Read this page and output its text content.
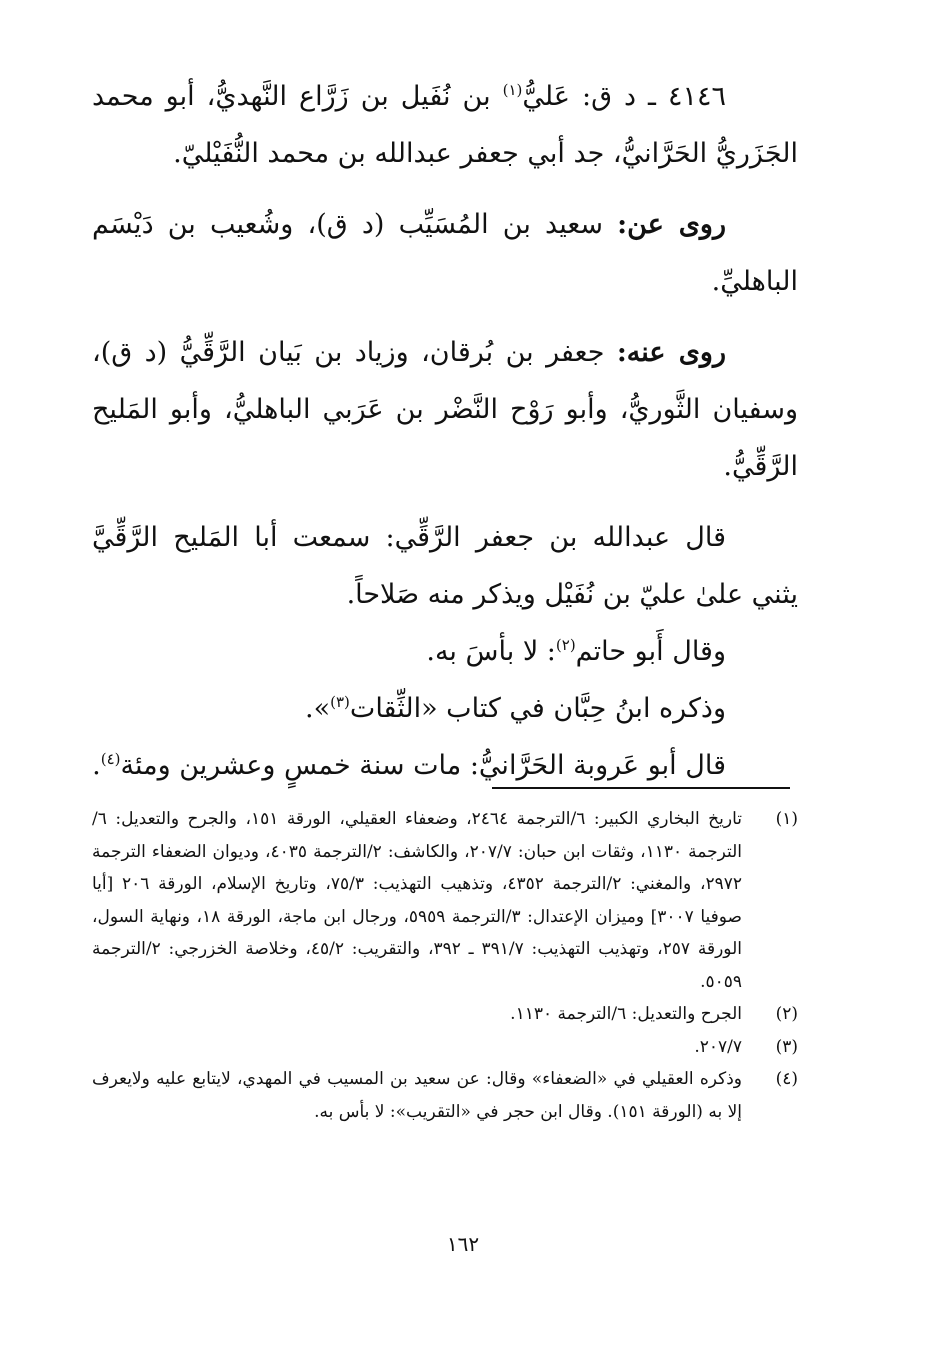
٤١٤٦ ـ د ق: عَليُّ$^{(١)}$ بن نُفَيل بن زَرَّاع النَّهديُّ، أبو محمد الجَزَريُّ الحَرَّانيُّ، جد أبي جعفر عبدالله بن محمد النُّفَيْليّ.

روى عن: سعيد بن المُسَيِّب (د ق)، وشُعيب بن دَيْسَم الباهليِّ.

روى عنه: جعفر بن بُرقان، وزياد بن بَيان الرَّقِّيُّ (د ق)، وسفيان الثَّوريُّ، وأبو رَوْح النَّضْر بن عَرَبي الباهليُّ، وأبو المَليح الرَّقِّيُّ.

قال عبدالله بن جعفر الرَّقِّي: سمعت أبا المَليح الرَّقِّيَّ يثني علىٰ عليّ بن نُفَيْل ويذكر منه صَلاحاً.

وقال أَبو حاتم$^{(٢)}$: لا بأسَ به.

وذكره ابنُ حِبَّان في كتاب «الثِّقات$^{(٣)}$».

قال أبو عَروبة الحَرَّانيُّ: مات سنة خمسٍ وعشرين ومئة$^{(٤)}$.

(١)
تاريخ البخاري الكبير: ٦/الترجمة ٢٤٦٤، وضعفاء العقيلي، الورقة ١٥١، والجرح والتعديل: ٦/الترجمة ١١٣٠، وثقات ابن حبان: ٢٠٧/٧، والكاشف: ٢/الترجمة ٤٠٣٥، وديوان الضعفاء الترجمة ٢٩٧٢، والمغني: ٢/الترجمة ٤٣٥٢، وتذهيب التهذيب: ٧٥/٣، وتاريخ الإسلام، الورقة ٢٠٦ [أيا صوفيا ٣٠٠٧] وميزان الإعتدال: ٣/الترجمة ٥٩٥٩، ورجال ابن ماجة، الورقة ١٨، ونهاية السول، الورقة ٢٥٧، وتهذيب التهذيب: ٣٩١/٧ ـ ٣٩٢، والتقريب: ٤٥/٢، وخلاصة الخزرجي: ٢/الترجمة ٥٠٥٩.
(٢)
الجرح والتعديل: ٦/الترجمة ١١٣٠.
(٣)
٢٠٧/٧.
(٤)
وذكره العقيلي في «الضعفاء» وقال: عن سعيد بن المسيب في المهدي، لايتابع عليه ولايعرف إلا به (الورقة ١٥١). وقال ابن حجر في «التقريب»: لا بأس به.
١٦٢
